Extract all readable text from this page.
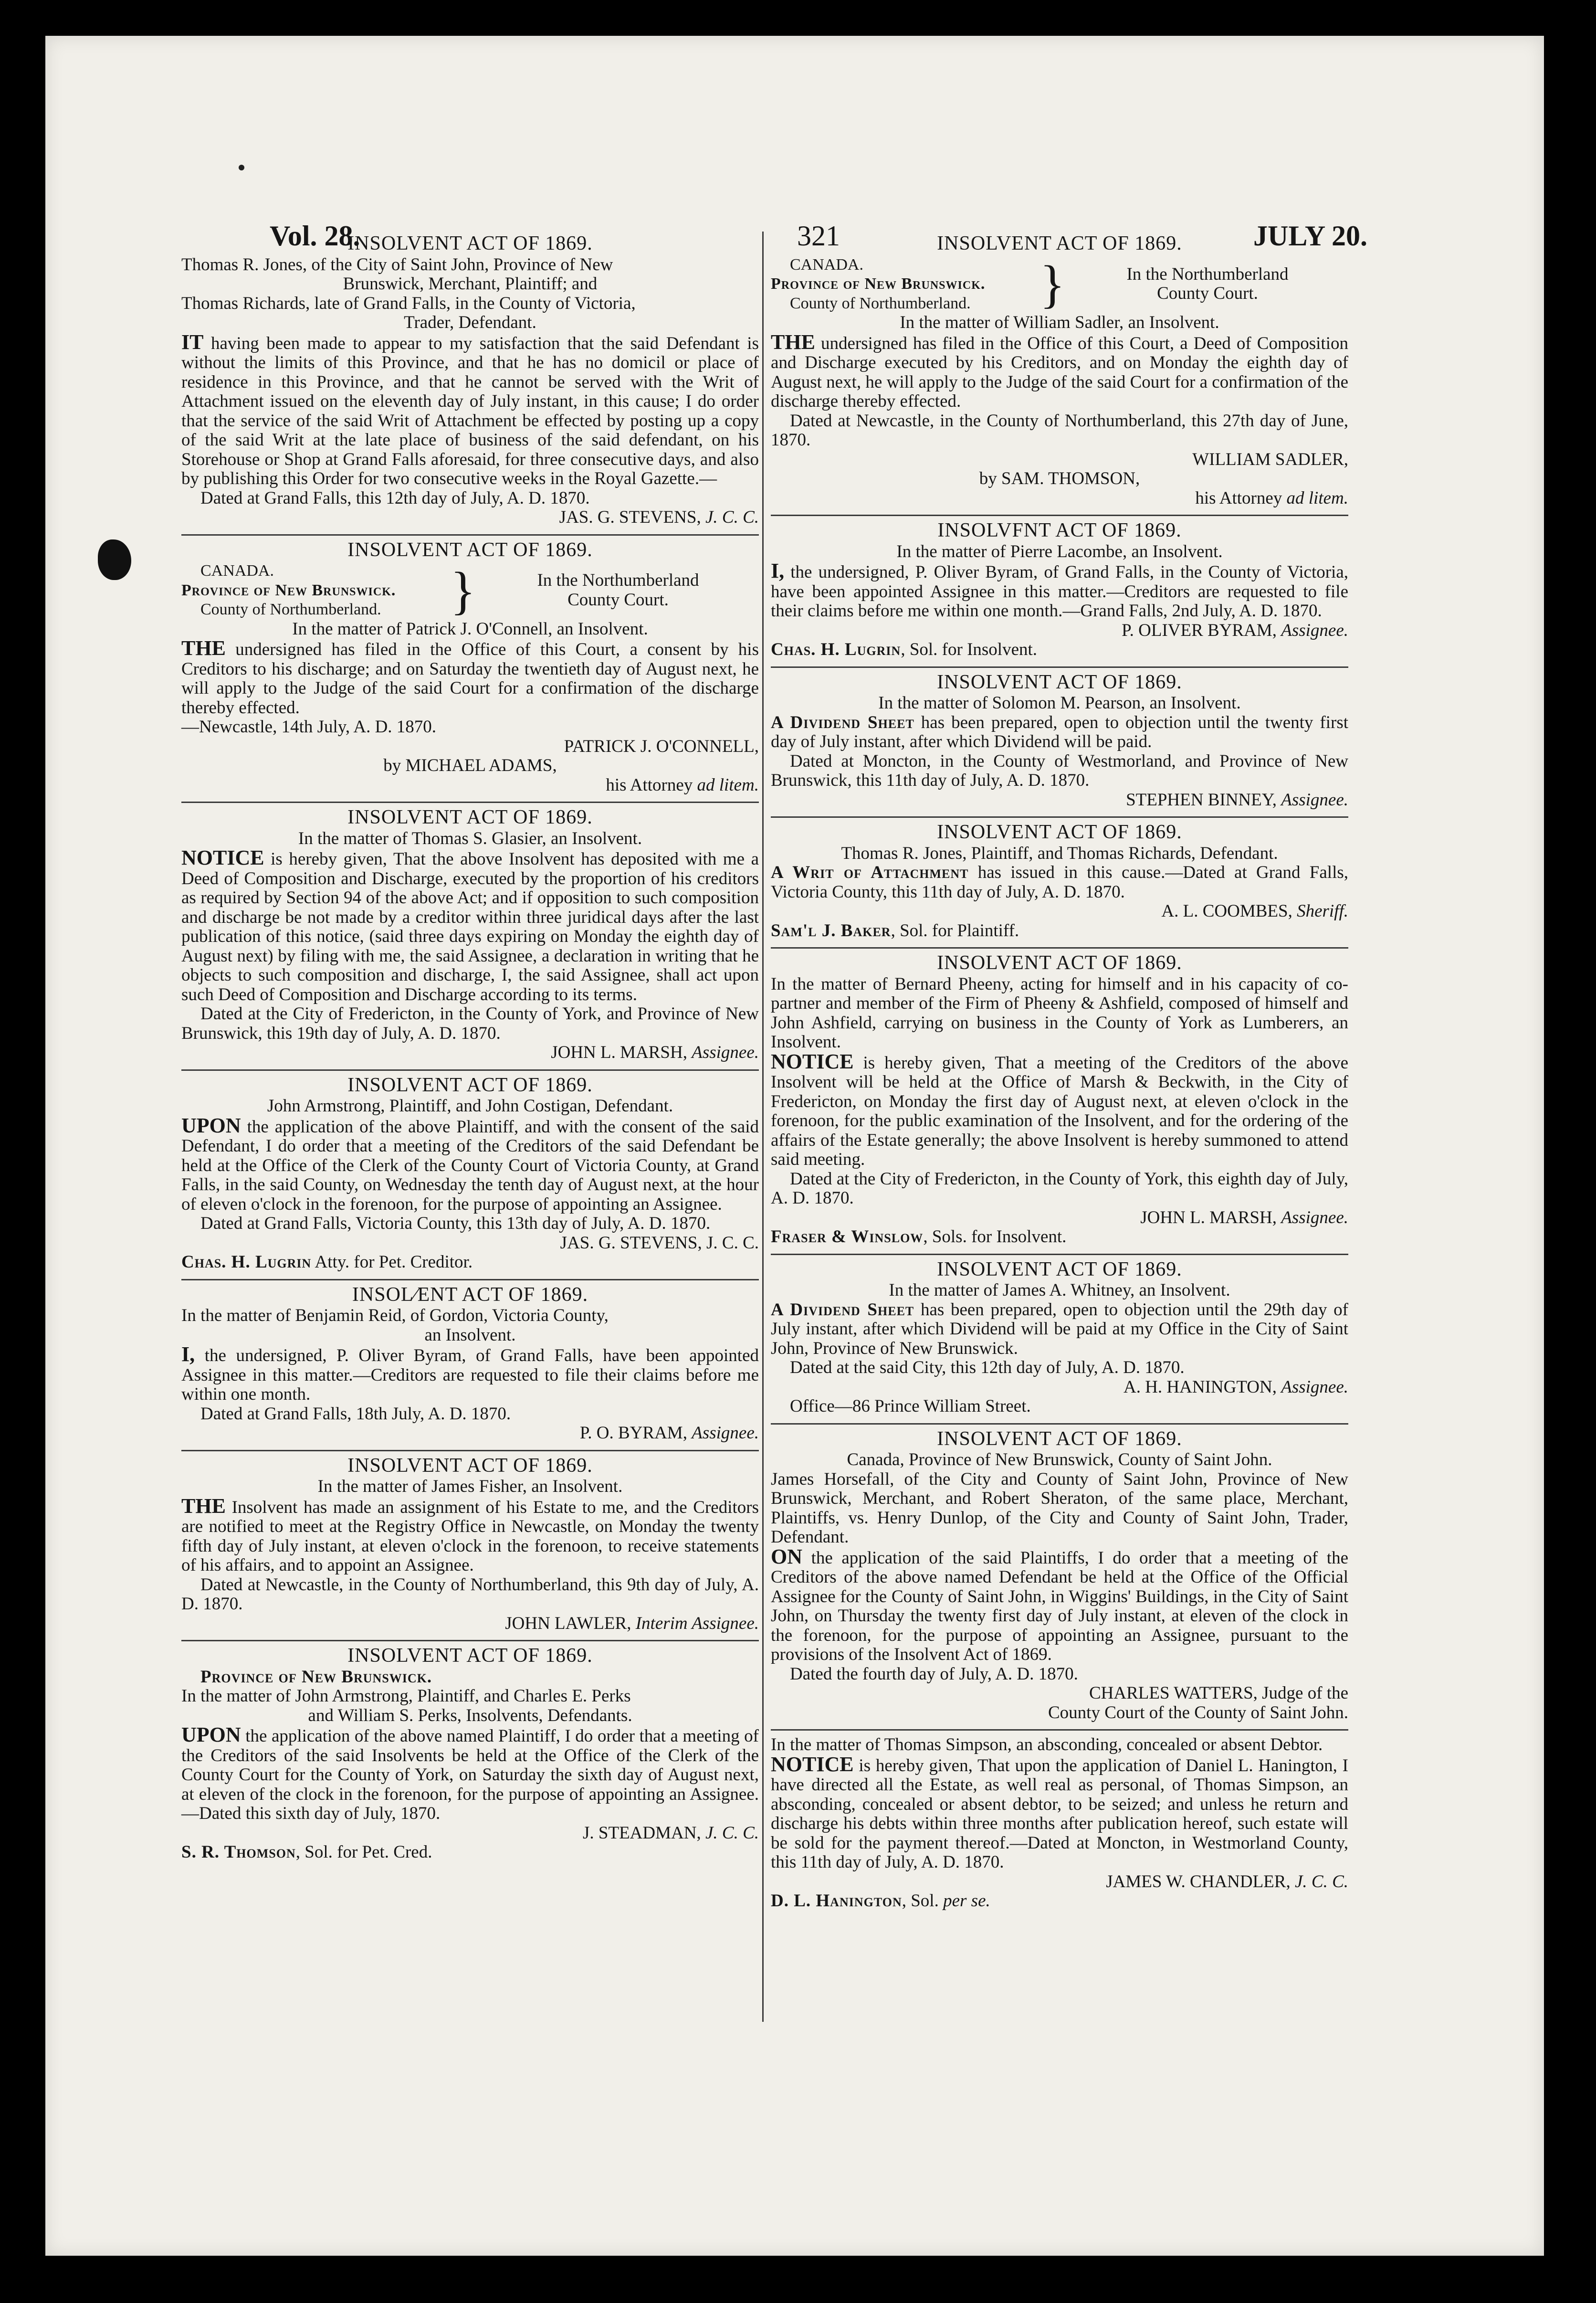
Vol. 28.	321	JULY 20.
INSOLVENT ACT OF 1869.
Thomas R. Jones, of the City of Saint John, Province of New
Brunswick, Merchant, Plaintiff; and
Thomas Richards, late of Grand Falls, in the County of Victoria,
Trader, Defendant.
IT having been made to appear to my satisfaction that the said Defendant is without the limits of this Province, and that he has no domicil or place of residence in this Province, and that he cannot be served with the Writ of Attachment issued on the eleventh day of July instant, in this cause; I do order that the service of the said Writ of Attachment be effected by posting up a copy of the said Writ at the late place of business of the said defendant, on his Storehouse or Shop at Grand Falls aforesaid, for three consecutive days, and also by publishing this Order for two consecutive weeks in the Royal Gazette.—
Dated at Grand Falls, this 12th day of July, A. D. 1870.
JAS. G. STEVENS, J. C. C.
INSOLVENT ACT OF 1869.
CANADA.
Province of New Brunswick.
County of Northumberland.	}	In the Northumberland
County Court.
In the matter of Patrick J. O'Connell, an Insolvent.
THE undersigned has filed in the Office of this Court, a consent by his Creditors to his discharge; and on Saturday the twentieth day of August next, he will apply to the Judge of the said Court for a confirmation of the discharge thereby effected.
—Newcastle, 14th July, A. D. 1870.
PATRICK J. O'CONNELL,
by MICHAEL ADAMS,
his Attorney ad litem.
INSOLVENT ACT OF 1869.
In the matter of Thomas S. Glasier, an Insolvent.
NOTICE is hereby given, That the above Insolvent has deposited with me a Deed of Composition and Discharge, executed by the proportion of his creditors as required by Section 94 of the above Act; and if opposition to such composition and discharge be not made by a creditor within three juridical days after the last publication of this notice, (said three days expiring on Monday the eighth day of August next) by filing with me, the said Assignee, a declaration in writing that he objects to such composition and discharge, I, the said Assignee, shall act upon such Deed of Composition and Discharge according to its terms.
Dated at the City of Fredericton, in the County of York, and Province of New Brunswick, this 19th day of July, A. D. 1870.
JOHN L. MARSH, Assignee.
INSOLVENT ACT OF 1869.
John Armstrong, Plaintiff, and John Costigan, Defendant.
UPON the application of the above Plaintiff, and with the consent of the said Defendant, I do order that a meeting of the Creditors of the said Defendant be held at the Office of the Clerk of the County Court of Victoria County, at Grand Falls, in the said County, on Wednesday the tenth day of August next, at the hour of eleven o'clock in the forenoon, for the purpose of appointing an Assignee.
Dated at Grand Falls, Victoria County, this 13th day of July, A. D. 1870.
JAS. G. STEVENS, J. C. C.
Chas. H. Lugrin Atty. for Pet. Creditor.
INSOL⁄ENT ACT OF 1869.
In the matter of Benjamin Reid, of Gordon, Victoria County,
an Insolvent.
I, the undersigned, P. Oliver Byram, of Grand Falls, have been appointed Assignee in this matter.—Creditors are requested to file their claims before me within one month.
Dated at Grand Falls, 18th July, A. D. 1870.
P. O. BYRAM, Assignee.
INSOLVENT ACT OF 1869.
In the matter of James Fisher, an Insolvent.
THE Insolvent has made an assignment of his Estate to me, and the Creditors are notified to meet at the Registry Office in Newcastle, on Monday the twenty fifth day of July instant, at eleven o'clock in the forenoon, to receive statements of his affairs, and to appoint an Assignee.
Dated at Newcastle, in the County of Northumberland, this 9th day of July, A. D. 1870.
JOHN LAWLER, Interim Assignee.
INSOLVENT ACT OF 1869.
Province of New Brunswick.
In the matter of John Armstrong, Plaintiff, and Charles E. Perks
and William S. Perks, Insolvents, Defendants.
UPON the application of the above named Plaintiff, I do order that a meeting of the Creditors of the said Insolvents be held at the Office of the Clerk of the County Court for the County of York, on Saturday the sixth day of August next, at eleven of the clock in the forenoon, for the purpose of appointing an Assignee.—Dated this sixth day of July, 1870.
J. STEADMAN, J. C. C.
S. R. Thomson, Sol. for Pet. Cred.
INSOLVENT ACT OF 1869.
CANADA.
Province of New Brunswick.
County of Northumberland.	}	In the Northumberland
County Court.
In the matter of William Sadler, an Insolvent.
THE undersigned has filed in the Office of this Court, a Deed of Composition and Discharge executed by his Creditors, and on Monday the eighth day of August next, he will apply to the Judge of the said Court for a confirmation of the discharge thereby effected.
Dated at Newcastle, in the County of Northumberland, this 27th day of June, 1870.
WILLIAM SADLER,
by SAM. THOMSON,
his Attorney ad litem.
INSOLVFNT ACT OF 1869.
In the matter of Pierre Lacombe, an Insolvent.
I, the undersigned, P. Oliver Byram, of Grand Falls, in the County of Victoria, have been appointed Assignee in this matter.—Creditors are requested to file their claims before me within one month.—Grand Falls, 2nd July, A. D. 1870.
P. OLIVER BYRAM, Assignee.
Chas. H. Lugrin, Sol. for Insolvent.
INSOLVENT ACT OF 1869.
In the matter of Solomon M. Pearson, an Insolvent.
A Dividend Sheet has been prepared, open to objection until the twenty first day of July instant, after which Dividend will be paid.
Dated at Moncton, in the County of Westmorland, and Province of New Brunswick, this 11th day of July, A. D. 1870.
STEPHEN BINNEY, Assignee.
INSOLVENT ACT OF 1869.
Thomas R. Jones, Plaintiff, and Thomas Richards, Defendant.
A Writ of Attachment has issued in this cause.—Dated at Grand Falls, Victoria County, this 11th day of July, A. D. 1870.
A. L. COOMBES, Sheriff.
Sam'l J. Baker, Sol. for Plaintiff.
INSOLVENT ACT OF 1869.
In the matter of Bernard Pheeny, acting for himself and in his capacity of co-partner and member of the Firm of Pheeny & Ashfield, composed of himself and John Ashfield, carrying on business in the County of York as Lumberers, an Insolvent.
NOTICE is hereby given, That a meeting of the Creditors of the above Insolvent will be held at the Office of Marsh & Beckwith, in the City of Fredericton, on Monday the first day of August next, at eleven o'clock in the forenoon, for the public examination of the Insolvent, and for the ordering of the affairs of the Estate generally; the above Insolvent is hereby summoned to attend said meeting.
Dated at the City of Fredericton, in the County of York, this eighth day of July, A. D. 1870.
JOHN L. MARSH, Assignee.
Fraser & Winslow, Sols. for Insolvent.
INSOLVENT ACT OF 1869.
In the matter of James A. Whitney, an Insolvent.
A Dividend Sheet has been prepared, open to objection until the 29th day of July instant, after which Dividend will be paid at my Office in the City of Saint John, Province of New Brunswick.
Dated at the said City, this 12th day of July, A. D. 1870.
A. H. HANINGTON, Assignee.
Office—86 Prince William Street.
INSOLVENT ACT OF 1869.
Canada, Province of New Brunswick, County of Saint John.
James Horsefall, of the City and County of Saint John, Province of New Brunswick, Merchant, and Robert Sheraton, of the same place, Merchant, Plaintiffs, vs. Henry Dunlop, of the City and County of Saint John, Trader, Defendant.
ON the application of the said Plaintiffs, I do order that a meeting of the Creditors of the above named Defendant be held at the Office of the Official Assignee for the County of Saint John, in Wiggins' Buildings, in the City of Saint John, on Thursday the twenty first day of July instant, at eleven of the clock in the forenoon, for the purpose of appointing an Assignee, pursuant to the provisions of the Insolvent Act of 1869.
Dated the fourth day of July, A. D. 1870.
CHARLES WATTERS, Judge of the
County Court of the County of Saint John.
In the matter of Thomas Simpson, an absconding, concealed or absent Debtor.
NOTICE is hereby given, That upon the application of Daniel L. Hanington, I have directed all the Estate, as well real as personal, of Thomas Simpson, an absconding, concealed or absent debtor, to be seized; and unless he return and discharge his debts within three months after publication hereof, such estate will be sold for the payment thereof.—Dated at Moncton, in Westmorland County, this 11th day of July, A. D. 1870.
JAMES W. CHANDLER, J. C. C.
D. L. Hanington, Sol. per se.
